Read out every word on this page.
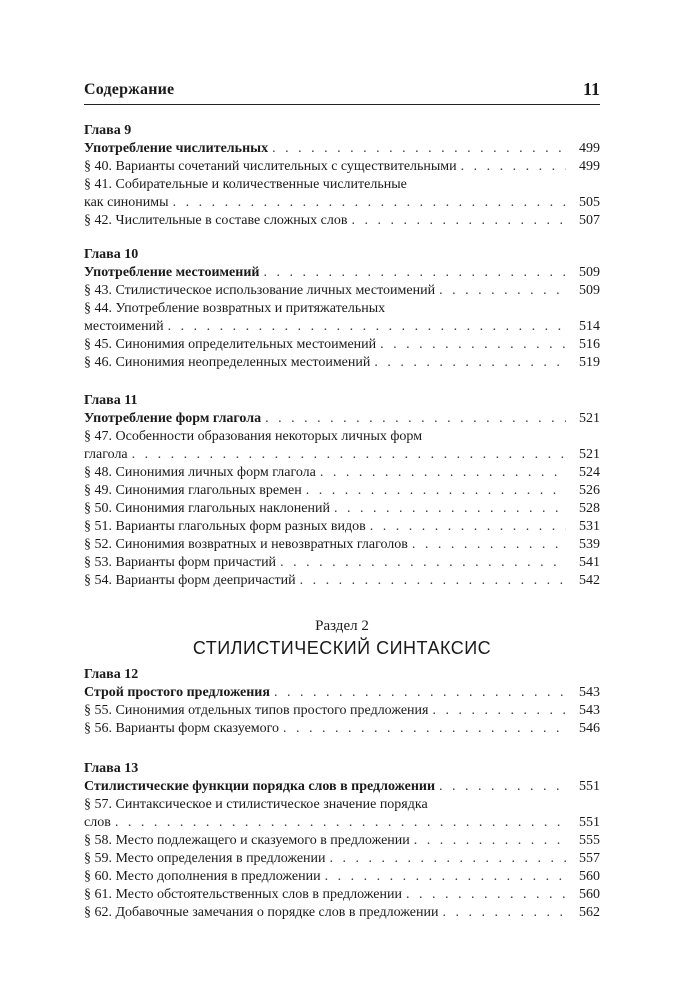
Содержание	11
Глава 9
Употребление числительных . . .	499
§ 40. Варианты сочетаний числительных с существительными . . .	499
§ 41. Собирательные и количественные числительные
как синонимы . . .	505
§ 42. Числительные в составе сложных слов . . .	507
Глава 10
Употребление местоимений . . .	509
§ 43. Стилистическое использование личных местоимений . . .	509
§ 44. Употребление возвратных и притяжательных
местоимений . . .	514
§ 45. Синонимия определительных местоимений . . .	516
§ 46. Синонимия неопределенных местоимений . . .	519
Глава 11
Употребление форм глагола . . .	521
§ 47. Особенности образования некоторых личных форм
глагола . . .	521
§ 48. Синонимия личных форм глагола . . .	524
§ 49. Синонимия глагольных времен . . .	526
§ 50. Синонимия глагольных наклонений . . .	528
§ 51. Варианты глагольных форм разных видов . . .	531
§ 52. Синонимия возвратных и невозвратных глаголов . . .	539
§ 53. Варианты форм причастий . . .	541
§ 54. Варианты форм деепричастий . . .	542
Раздел 2
СТИЛИСТИЧЕСКИЙ СИНТАКСИС
Глава 12
Строй простого предложения . . .	543
§ 55. Синонимия отдельных типов простого предложения . . .	543
§ 56. Варианты форм сказуемого . . .	546
Глава 13
Стилистические функции порядка слов в предложении . . .	551
§ 57. Синтаксическое и стилистическое значение порядка
слов . . .	551
§ 58. Место подлежащего и сказуемого в предложении . . .	555
§ 59. Место определения в предложении . . .	557
§ 60. Место дополнения в предложении . . .	560
§ 61. Место обстоятельственных слов в предложении . . .	560
§ 62. Добавочные замечания о порядке слов в предложении . . .	562
